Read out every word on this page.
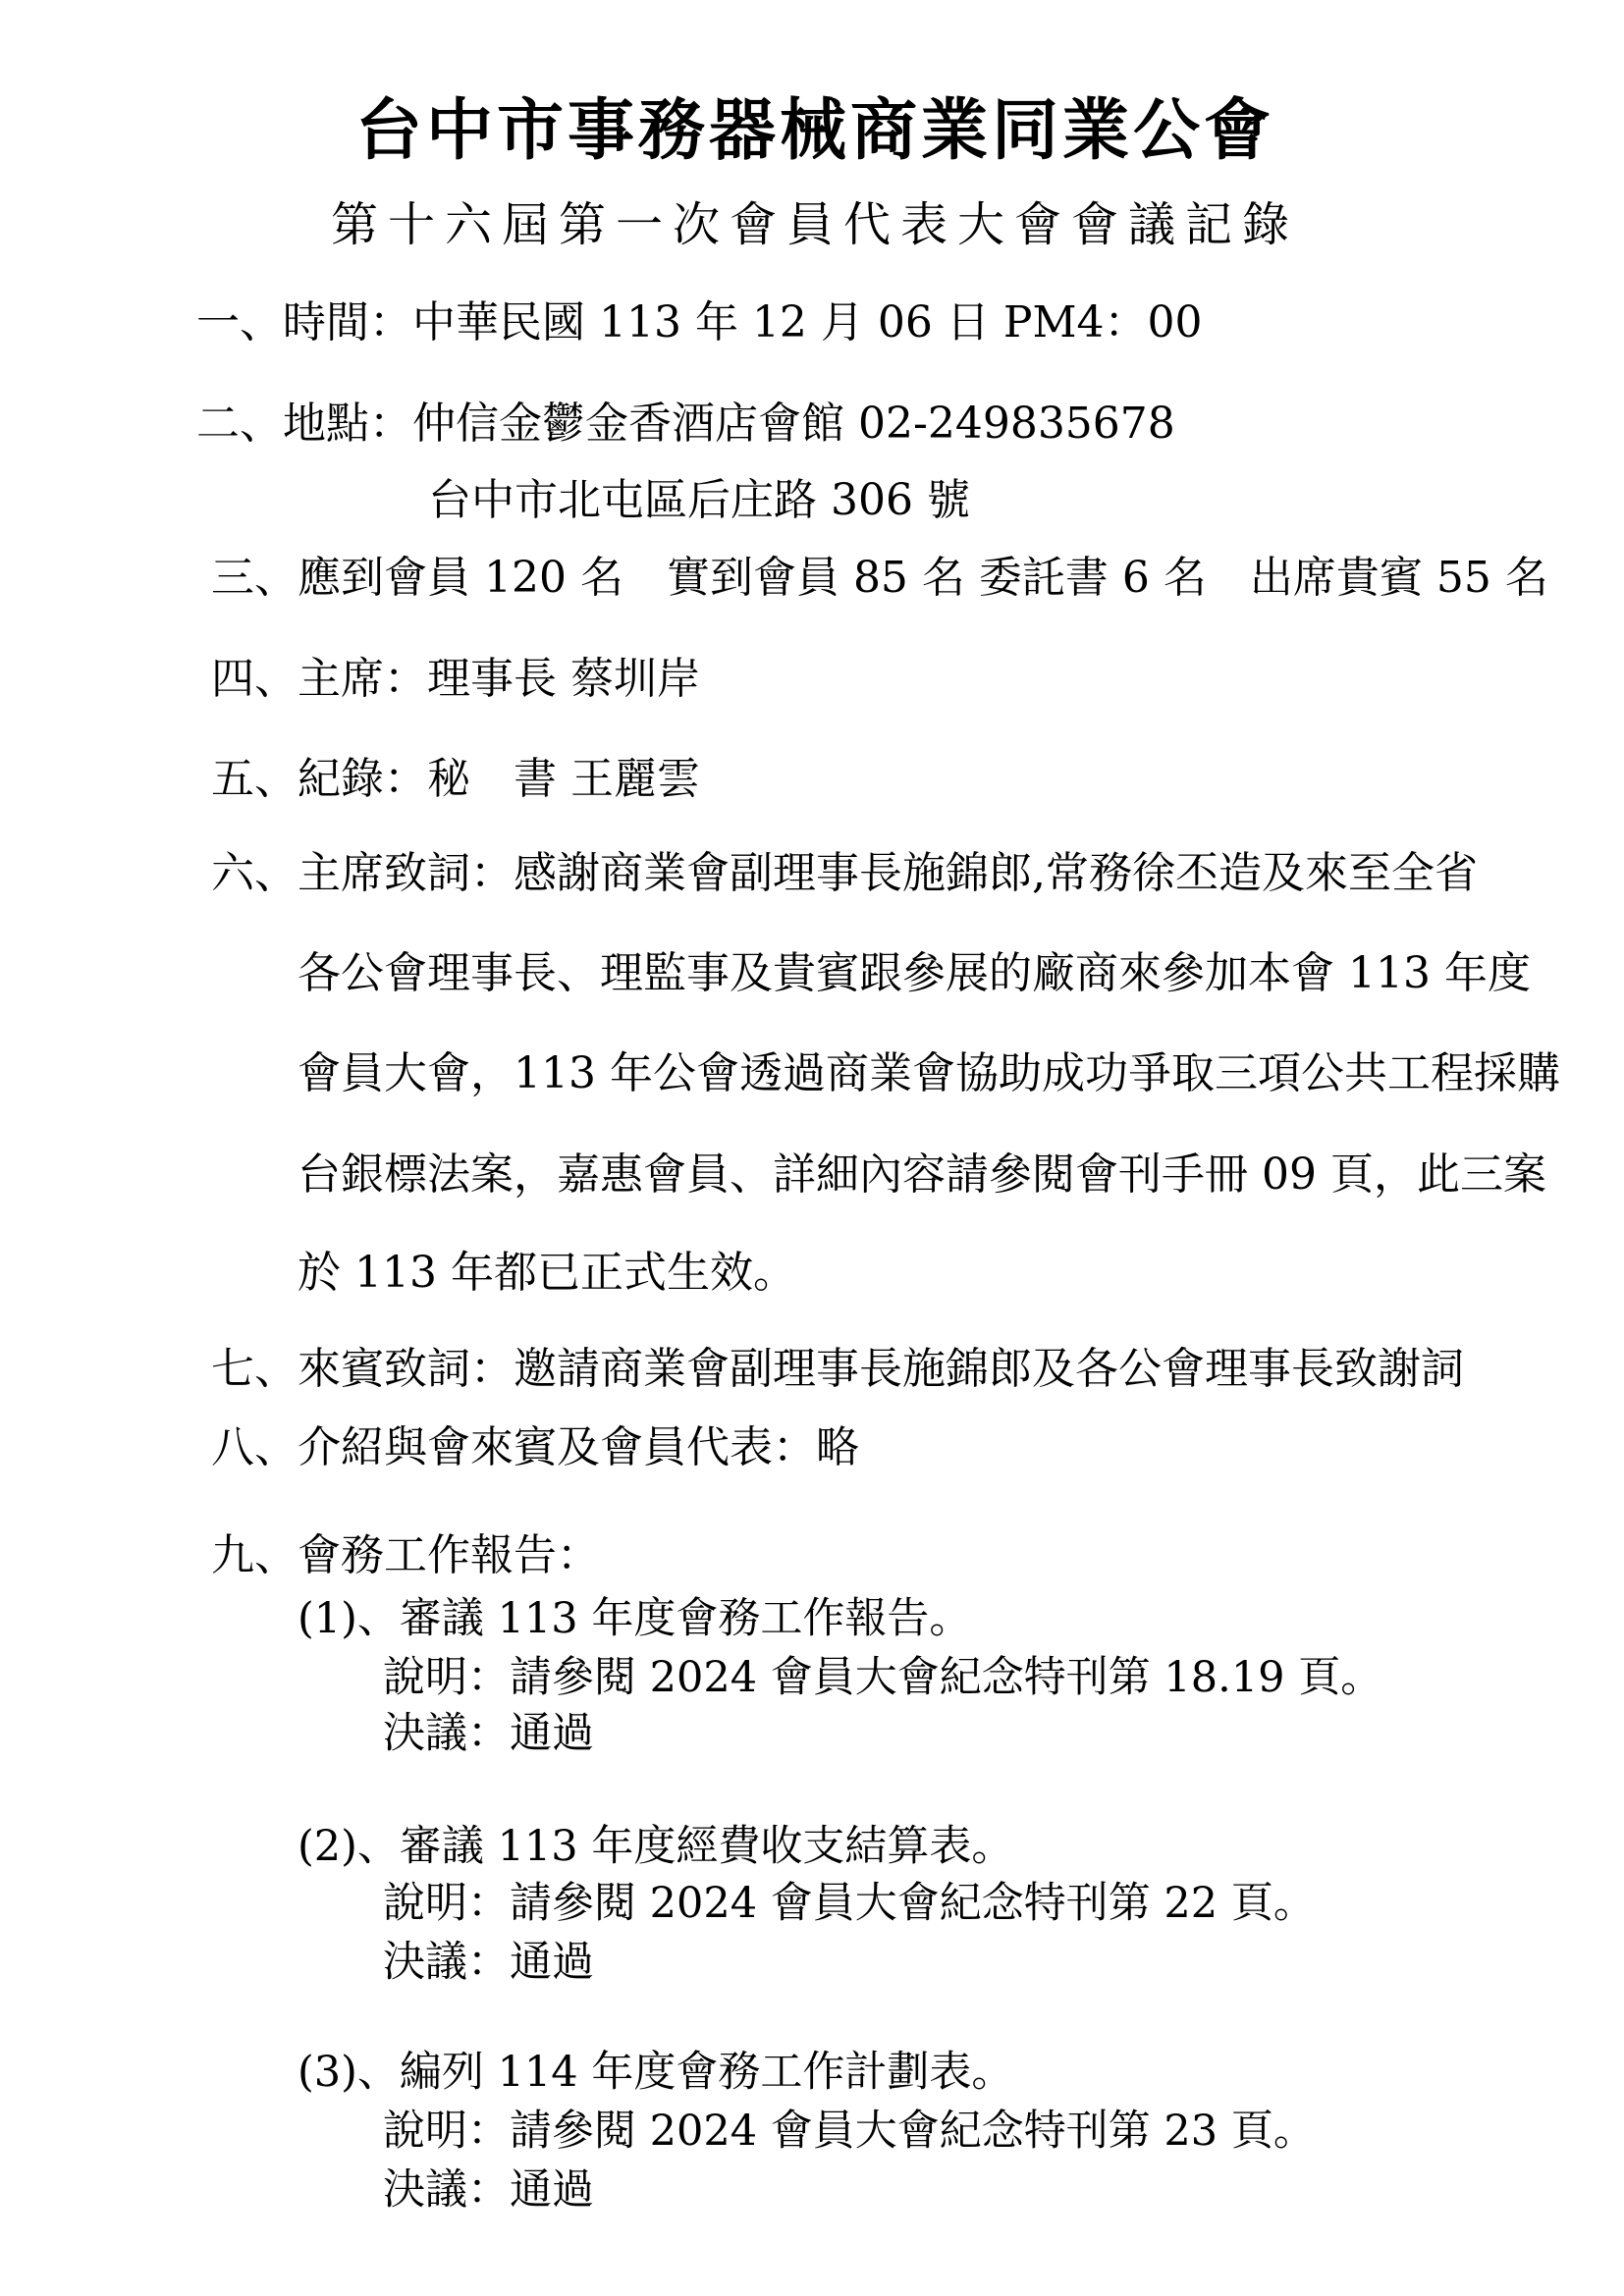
台中市事務器械商業同業公會
第十六屆第一次會員代表大會會議記錄
一、時間：中華民國 113 年 12 月 06 日 PM4：00
二、地點：仲信金鬱金香酒店會館 02-249835678
台中市北屯區后庄路 306 號
三、應到會員 120 名　實到會員 85 名 委託書 6 名　出席貴賓 55 名
四、主席：理事長 蔡圳岸
五、紀錄：秘　書 王麗雲
六、主席致詞：感謝商業會副理事長施錦郎,常務徐丕造及來至全省
各公會理事長、理監事及貴賓跟參展的廠商來參加本會 113 年度
會員大會，113 年公會透過商業會協助成功爭取三項公共工程採購
台銀標法案，嘉惠會員、詳細內容請參閱會刊手冊 09 頁，此三案
於 113 年都已正式生效。
七、來賓致詞：邀請商業會副理事長施錦郎及各公會理事長致謝詞
八、介紹與會來賓及會員代表：略
九、會務工作報告：
(1)、審議 113 年度會務工作報告。
說明：請參閱 2024 會員大會紀念特刊第 18.19 頁。
決議：通過
(2)、審議 113 年度經費收支結算表。
說明：請參閱 2024 會員大會紀念特刊第 22 頁。
決議：通過
(3)、編列 114 年度會務工作計劃表。
說明：請參閱 2024 會員大會紀念特刊第 23 頁。
決議：通過
